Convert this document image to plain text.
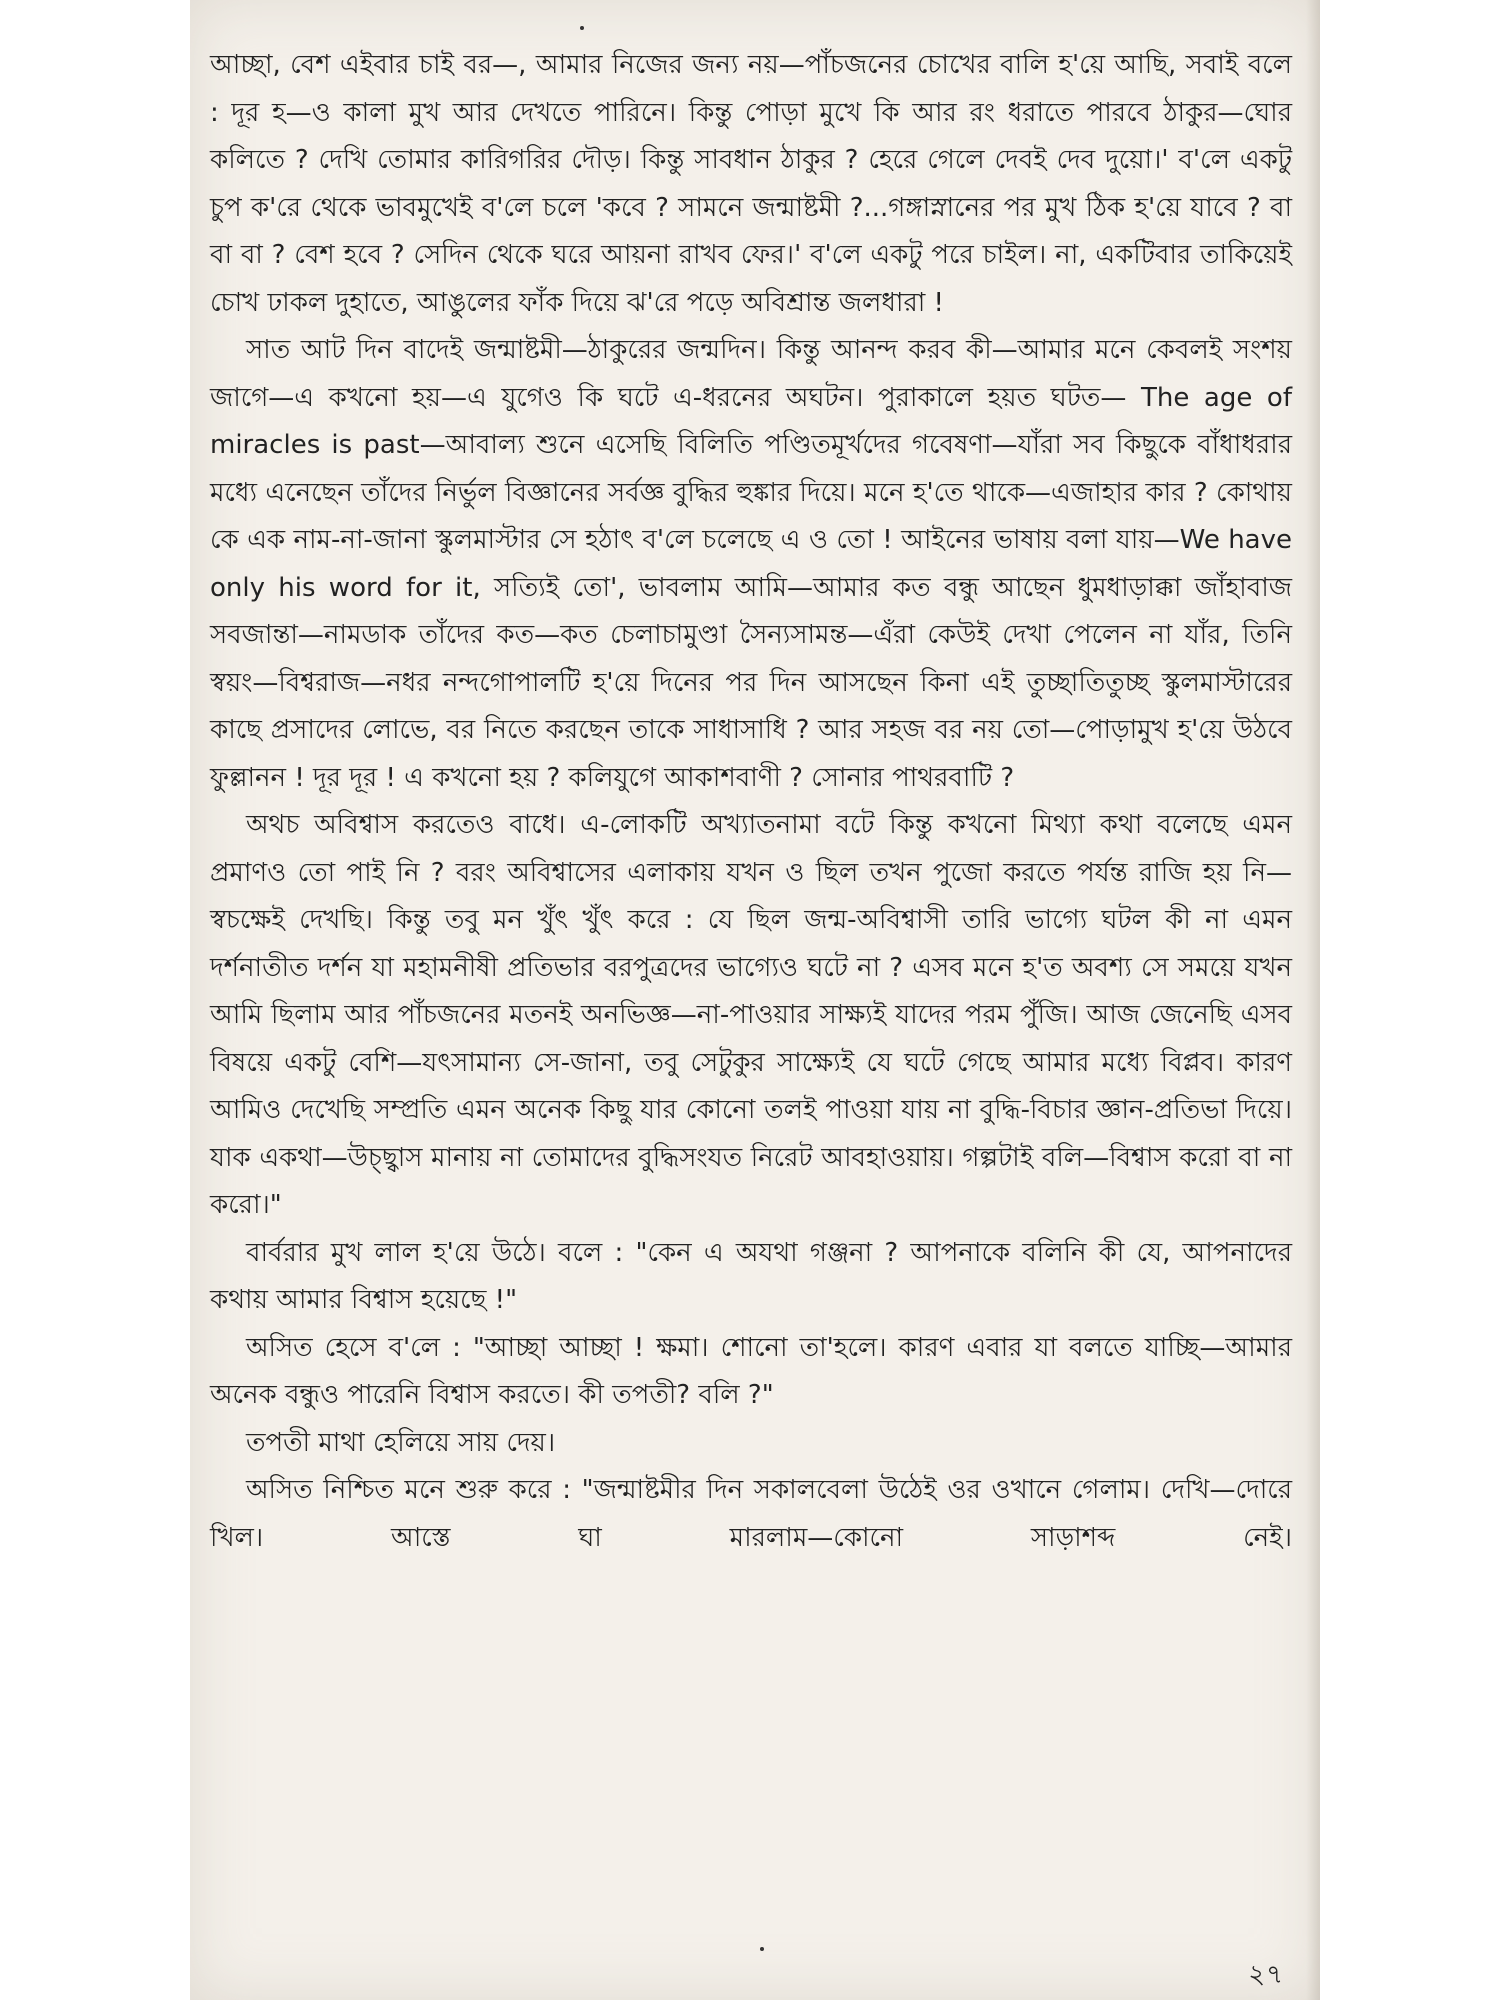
আচ্ছা, বেশ এইবার চাই বর—, আমার নিজের জন্য নয়—পাঁচজনের চোখের বালি হ'য়ে আছি, সবাই বলে : দূর হ—ও কালা মুখ আর দেখতে পারিনে। কিন্তু পোড়া মুখে কি আর রং ধরাতে পারবে ঠাকুর—ঘোর কলিতে ? দেখি তোমার কারিগরির দৌড়। কিন্তু সাবধান ঠাকুর ? হেরে গেলে দেবই দেব দুয়ো।' ব'লে একটু চুপ ক'রে থেকে ভাবমুখেই ব'লে চলে 'কবে ? সামনে জন্মাষ্টমী ?...গঙ্গাস্নানের পর মুখ ঠিক হ'য়ে যাবে ? বা বা বা ? বেশ হবে ? সেদিন থেকে ঘরে আয়না রাখব ফের।' ব'লে একটু পরে চাইল। না, একটিবার তাকিয়েই চোখ ঢাকল দুহাতে, আঙুলের ফাঁক দিয়ে ঝ'রে পড়ে অবিশ্রান্ত জলধারা !

সাত আট দিন বাদেই জন্মাষ্টমী—ঠাকুরের জন্মদিন। কিন্তু আনন্দ করব কী—আমার মনে কেবলই সংশয় জাগে—এ কখনো হয়—এ যুগেও কি ঘটে এ-ধরনের অঘটন। পুরাকালে হয়ত ঘটত— The age of miracles is past—আবাল্য শুনে এসেছি বিলিতি পণ্ডিতমূর্খদের গবেষণা—যাঁরা সব কিছুকে বাঁধাধরার মধ্যে এনেছেন তাঁদের নির্ভুল বিজ্ঞানের সর্বজ্ঞ বুদ্ধির হুঙ্কার দিয়ে। মনে হ'তে থাকে—এজাহার কার ? কোথায় কে এক নাম-না-জানা স্কুলমাস্টার সে হঠাৎ ব'লে চলেছে এ ও তো ! আইনের ভাষায় বলা যায়—We have only his word for it, সত্যিই তো', ভাবলাম আমি—আমার কত বন্ধু আছেন ধুমধাড়াক্কা জাঁহাবাজ সবজান্তা—নামডাক তাঁদের কত—কত চেলাচামুণ্ডা সৈন্যসামন্ত—এঁরা কেউই দেখা পেলেন না যাঁর, তিনি স্বয়ং—বিশ্বরাজ—নধর নন্দগোপালটি হ'য়ে দিনের পর দিন আসছেন কিনা এই তুচ্ছাতিতুচ্ছ স্কুলমাস্টারের কাছে প্রসাদের লোভে, বর নিতে করছেন তাকে সাধাসাধি ? আর সহজ বর নয় তো—পোড়ামুখ হ'য়ে উঠবে ফুল্লানন ! দূর দূর ! এ কখনো হয় ? কলিযুগে আকাশবাণী ? সোনার পাথরবাটি ?

অথচ অবিশ্বাস করতেও বাধে। এ-লোকটি অখ্যাতনামা বটে কিন্তু কখনো মিথ্যা কথা বলেছে এমন প্রমাণও তো পাই নি ? বরং অবিশ্বাসের এলাকায় যখন ও ছিল তখন পুজো করতে পর্যন্ত রাজি হয় নি—স্বচক্ষেই দেখছি। কিন্তু তবু মন খুঁৎ খুঁৎ করে : যে ছিল জন্ম-অবিশ্বাসী তারি ভাগ্যে ঘটল কী না এমন দর্শনাতীত দর্শন যা মহামনীষী প্রতিভার বরপুত্রদের ভাগ্যেও ঘটে না ? এসব মনে হ'ত অবশ্য সে সময়ে যখন আমি ছিলাম আর পাঁচজনের মতনই অনভিজ্ঞ—না-পাওয়ার সাক্ষ্যই যাদের পরম পুঁজি। আজ জেনেছি এসব বিষয়ে একটু বেশি—যৎসামান্য সে-জানা, তবু সেটুকুর সাক্ষ্যেই যে ঘটে গেছে আমার মধ্যে বিপ্লব। কারণ আমিও দেখেছি সম্প্রতি এমন অনেক কিছু যার কোনো তলই পাওয়া যায় না বুদ্ধি-বিচার জ্ঞান-প্রতিভা দিয়ে। যাক একথা—উচ্ছ্বাস মানায় না তোমাদের বুদ্ধিসংযত নিরেট আবহাওয়ায়। গল্পটাই বলি—বিশ্বাস করো বা না করো।"

বার্বরার মুখ লাল হ'য়ে উঠে। বলে : "কেন এ অযথা গঞ্জনা ? আপনাকে বলিনি কী যে, আপনাদের কথায় আমার বিশ্বাস হয়েছে !"

অসিত হেসে ব'লে : "আচ্ছা আচ্ছা ! ক্ষমা। শোনো তা'হলে। কারণ এবার যা বলতে যাচ্ছি—আমার অনেক বন্ধুও পারেনি বিশ্বাস করতে। কী তপতী? বলি ?"

তপতী মাথা হেলিয়ে সায় দেয়।

অসিত নিশ্চিত মনে শুরু করে : "জন্মাষ্টমীর দিন সকালবেলা উঠেই ওর ওখানে গেলাম। দেখি—দোরে খিল। আস্তে ঘা মারলাম—কোনো সাড়াশব্দ নেই।

২৭
